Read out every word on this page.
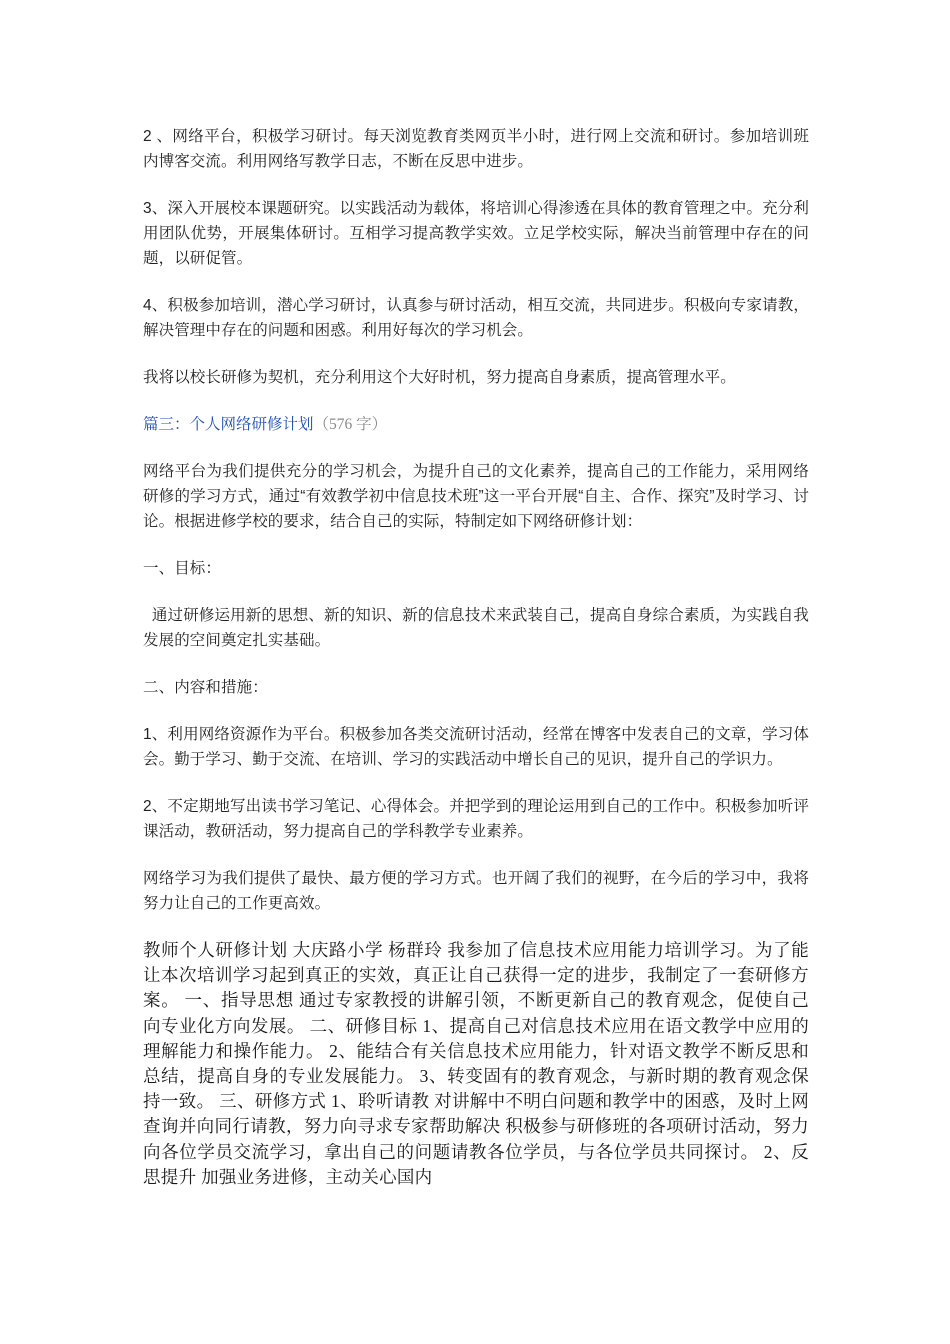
2 、网络平台，积极学习研讨。每天浏览教育类网页半小时，进行网上交流和研讨。参加培训班内博客交流。利用网络写教学日志，不断在反思中进步。

3、深入开展校本课题研究。以实践活动为载体，将培训心得渗透在具体的教育管理之中。充分利用团队优势，开展集体研讨。互相学习提高教学实效。立足学校实际，解决当前管理中存在的问题，以研促管。

4、积极参加培训，潜心学习研讨，认真参与研讨活动，相互交流，共同进步。积极向专家请教，解决管理中存在的问题和困惑。利用好每次的学习机会。

我将以校长研修为契机，充分利用这个大好时机，努力提高自身素质，提高管理水平。

篇三：个人网络研修计划（576 字）

网络平台为我们提供充分的学习机会，为提升自己的文化素养，提高自己的工作能力，采用网络研修的学习方式，通过“有效教学初中信息技术班”这一平台开展“自主、合作、探究”及时学习、讨论。根据进修学校的要求，结合自己的实际，特制定如下网络研修计划：

一、目标：

通过研修运用新的思想、新的知识、新的信息技术来武装自己，提高自身综合素质，为实践自我发展的空间奠定扎实基础。

二、内容和措施：

1、利用网络资源作为平台。积极参加各类交流研讨活动，经常在博客中发表自己的文章，学习体会。勤于学习、勤于交流、在培训、学习的实践活动中增长自己的见识，提升自己的学识力。

2、不定期地写出读书学习笔记、心得体会。并把学到的理论运用到自己的工作中。积极参加听评课活动，教研活动，努力提高自己的学科教学专业素养。

网络学习为我们提供了最快、最方便的学习方式。也开阔了我们的视野，在今后的学习中，我将努力让自己的工作更高效。

教师个人研修计划 大庆路小学 杨群玲 我参加了信息技术应用能力培训学习。为了能让本次培训学习起到真正的实效，真正让自己获得一定的进步，我制定了一套研修方案。 一、指导思想 通过专家教授的讲解引领，不断更新自己的教育观念，促使自己向专业化方向发展。 二、研修目标 1、提高自己对信息技术应用在语文教学中应用的理解能力和操作能力。 2、能结合有关信息技术应用能力，针对语文教学不断反思和总结，提高自身的专业发展能力。 3、转变固有的教育观念，与新时期的教育观念保持一致。 三、研修方式 1、聆听请教 对讲解中不明白问题和教学中的困惑，及时上网查询并向同行请教，努力向寻求专家帮助解决 积极参与研修班的各项研讨活动，努力向各位学员交流学习，拿出自己的问题请教各位学员，与各位学员共同探讨。 2、反思提升 加强业务进修，主动关心国内
